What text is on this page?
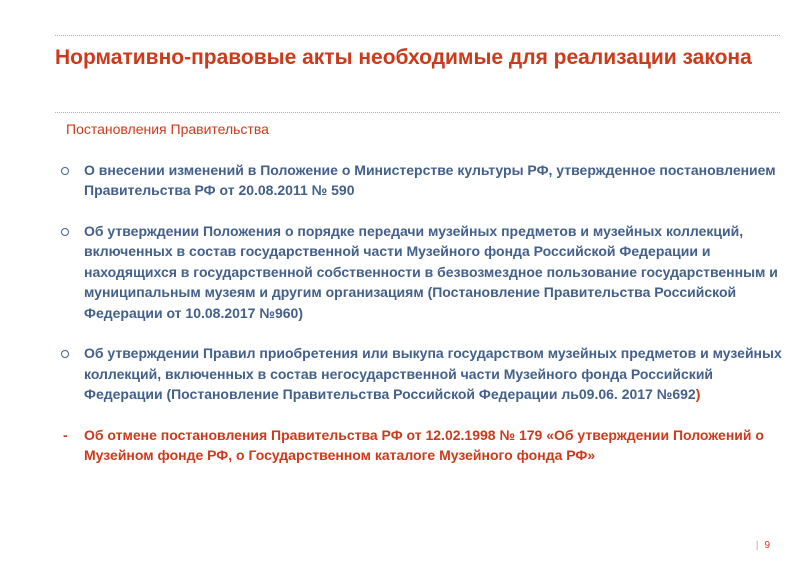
Нормативно-правовые акты необходимые для реализации закона
Постановления Правительства
О внесении изменений в Положение о Министерстве культуры РФ, утвержденное постановлением Правительства РФ от 20.08.2011 № 590
Об утверждении Положения о порядке передачи музейных предметов и музейных коллекций, включенных в состав государственной части Музейного фонда Российской Федерации и находящихся в государственной собственности в безвозмездное пользование государственным и муниципальным музеям и другим организациям (Постановление Правительства Российской Федерации от 10.08.2017 №960)
Об утверждении Правил приобретения или выкупа государством музейных предметов и музейных коллекций, включенных в состав негосударственной части Музейного фонда Российский Федерации (Постановление Правительства Российской Федерации ль09.06. 2017 №692)
-	Об отмене постановления Правительства РФ от 12.02.1998 № 179 «Об утверждении Положений о Музейном фонде РФ, о Государственном каталоге Музейного фонда РФ»
| 9
